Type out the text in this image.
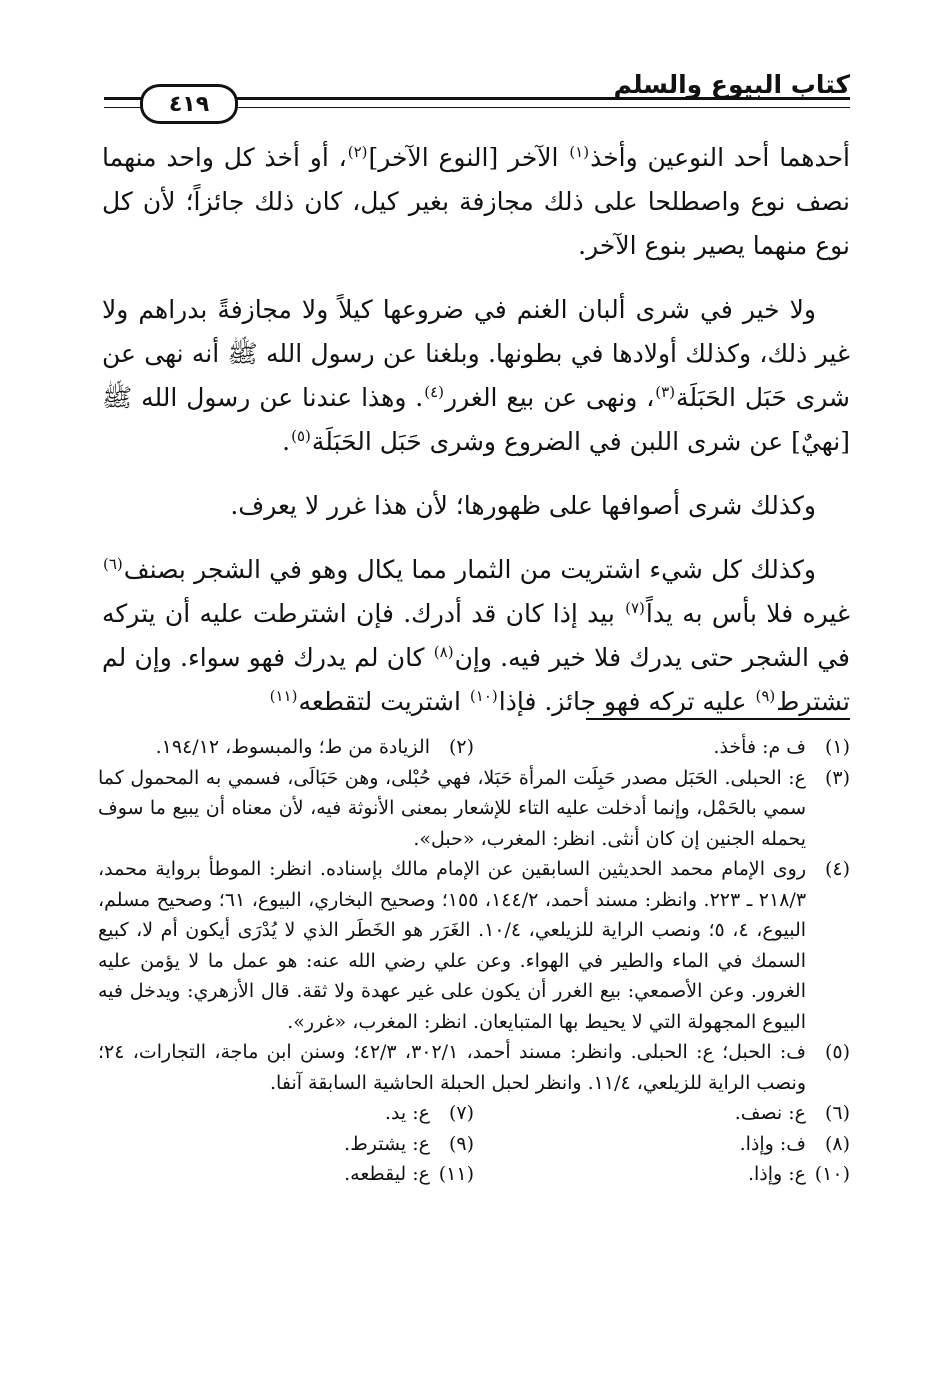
كتاب البيوع والسلم
٤١٩

أحدهما أحد النوعين وأخذ$^{(١)}$ الآخر [النوع الآخر]$^{(٢)}$، أو أخذ كل واحد منهما نصف نوع واصطلحا على ذلك مجازفة بغير كيل، كان ذلك جائزاً؛ لأن كل نوع منهما يصير بنوع الآخر.

ولا خير في شرى ألبان الغنم في ضروعها كيلاً ولا مجازفةً بدراهم ولا غير ذلك، وكذلك أولادها في بطونها. وبلغنا عن رسول الله ﷺ أنه نهى عن شرى حَبَل الحَبَلَة$^{(٣)}$، ونهى عن بيع الغرر$^{(٤)}$. وهذا عندنا عن رسول الله ﷺ [نهيٌ] عن شرى اللبن في الضروع وشرى حَبَل الحَبَلَة$^{(٥)}$.

وكذلك شرى أصوافها على ظهورها؛ لأن هذا غرر لا يعرف.

وكذلك كل شيء اشتريت من الثمار مما يكال وهو في الشجر بصنف$^{(٦)}$ غيره فلا بأس به يداً$^{(٧)}$ بيد إذا كان قد أدرك. فإن اشترطت عليه أن يتركه في الشجر حتى يدرك فلا خير فيه. وإن$^{(٨)}$ كان لم يدرك فهو سواء. وإن لم تشترط$^{(٩)}$ عليه تركه فهو جائز. فإذا$^{(١٠)}$ اشتريت لتقطعه$^{(١١)}$

(١)
ف م: فأخذ.
(٢)
الزيادة من ط؛ والمبسوط، ١٩٤/١٢.
(٣)
ع: الحبلى. الحَبَل مصدر حَبِلَت المرأة حَبَلا، فهي حُبْلى، وهن حَبَالَى، فسمي به المحمول كما سمي بالحَمْل، وإنما أدخلت عليه التاء للإشعار بمعنى الأنوثة فيه، لأن معناه أن يبيع ما سوف يحمله الجنين إن كان أنثى. انظر: المغرب، «حبل».
(٤)
روى الإمام محمد الحديثين السابقين عن الإمام مالك بإسناده. انظر: الموطأ برواية محمد، ٢١٨/٣ ـ ٢٢٣. وانظر: مسند أحمد، ١٤٤/٢، ١٥٥؛ وصحيح البخاري، البيوع، ٦١؛ وصحيح مسلم، البيوع، ٤، ٥؛ ونصب الراية للزيلعي، ١٠/٤. الغَرَر هو الخَطَر الذي لا يُدْرَى أيكون أم لا، كبيع السمك في الماء والطير في الهواء. وعن علي رضي الله عنه: هو عمل ما لا يؤمن عليه الغرور. وعن الأصمعي: بيع الغرر أن يكون على غير عهدة ولا ثقة. قال الأزهري: ويدخل فيه البيوع المجهولة التي لا يحيط بها المتبايعان. انظر: المغرب، «غرر».
(٥)
ف: الحبل؛ ع: الحبلى. وانظر: مسند أحمد، ٣٠٢/١، ٤٢/٣؛ وسنن ابن ماجة، التجارات، ٢٤؛ ونصب الراية للزيلعي، ١١/٤. وانظر لحبل الحبلة الحاشية السابقة آنفا.
(٦)
ع: نصف.
(٧)
ع: يد.
(٨)
ف: وإذا.
(٩)
ع: يشترط.
(١٠)
ع: وإذا.
(١١)
ع: ليقطعه.
